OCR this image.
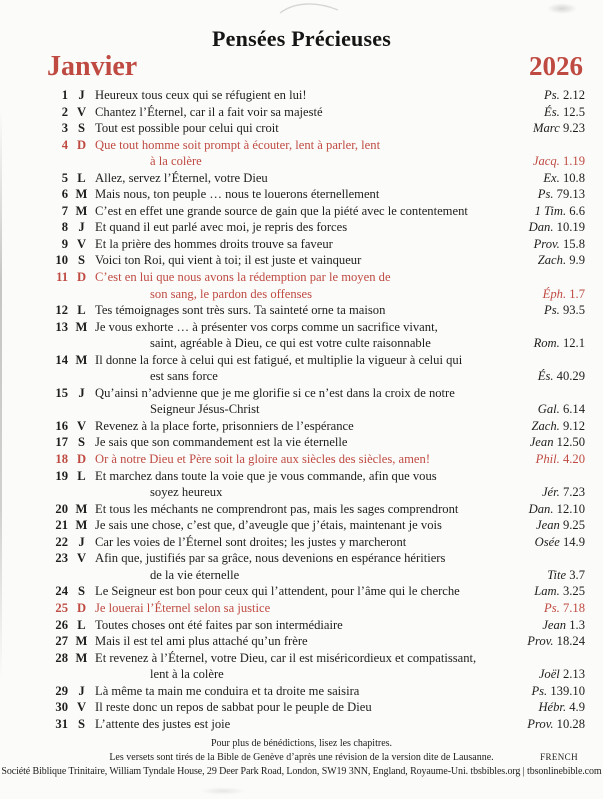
Pensées Précieuses
Janvier	2026
1 J Heureux tous ceux qui se réfugient en lui!	Ps. 2.12
2 V Chantez l’Éternel, car il a fait voir sa majesté	És. 12.5
3 S Tout est possible pour celui qui croit	Marc 9.23
4 D Que tout homme soit prompt à écouter, lent à parler, lent
à la colère	Jacq. 1.19
5 L Allez, servez l’Éternel, votre Dieu	Ex. 10.8
6 M Mais nous, ton peuple … nous te louerons éternellement	Ps. 79.13
7 M C’est en effet une grande source de gain que la piété avec le contentement	1 Tim. 6.6
8 J Et quand il eut parlé avec moi, je repris des forces	Dan. 10.19
9 V Et la prière des hommes droits trouve sa faveur	Prov. 15.8
10 S Voici ton Roi, qui vient à toi; il est juste et vainqueur	Zach. 9.9
11 D C’est en lui que nous avons la rédemption par le moyen de
son sang, le pardon des offenses	Éph. 1.7
12 L Tes témoignages sont très surs. Ta sainteté orne ta maison	Ps. 93.5
13 M Je vous exhorte … à présenter vos corps comme un sacrifice vivant,
saint, agréable à Dieu, ce qui est votre culte raisonnable	Rom. 12.1
14 M Il donne la force à celui qui est fatigué, et multiplie la vigueur à celui qui
est sans force	És. 40.29
15 J Qu’ainsi n’advienne que je me glorifie si ce n’est dans la croix de notre
Seigneur Jésus-Christ	Gal. 6.14
16 V Revenez à la place forte, prisonniers de l’espérance	Zach. 9.12
17 S Je sais que son commandement est la vie éternelle	Jean 12.50
18 D Or à notre Dieu et Père soit la gloire aux siècles des siècles, amen!	Phil. 4.20
19 L Et marchez dans toute la voie que je vous commande, afin que vous
soyez heureux	Jér. 7.23
20 M Et tous les méchants ne comprendront pas, mais les sages comprendront	Dan. 12.10
21 M Je sais une chose, c’est que, d’aveugle que j’étais, maintenant je vois	Jean 9.25
22 J Car les voies de l’Éternel sont droites; les justes y marcheront	Osée 14.9
23 V Afin que, justifiés par sa grâce, nous devenions en espérance héritiers
de la vie éternelle	Tite 3.7
24 S Le Seigneur est bon pour ceux qui l’attendent, pour l’âme qui le cherche	Lam. 3.25
25 D Je louerai l’Éternel selon sa justice	Ps. 7.18
26 L Toutes choses ont été faites par son intermédiaire	Jean 1.3
27 M Mais il est tel ami plus attaché qu’un frère	Prov. 18.24
28 M Et revenez à l’Éternel, votre Dieu, car il est miséricordieux et compatissant,
lent à la colère	Joël 2.13
29 J Là même ta main me conduira et ta droite me saisira	Ps. 139.10
30 V Il reste donc un repos de sabbat pour le peuple de Dieu	Hébr. 4.9
31 S L’attente des justes est joie	Prov. 10.28
Pour plus de bénédictions, lisez les chapitres.
Les versets sont tirés de la Bible de Genève d’après une révision de la version dite de Lausanne.	FRENCH
Société Biblique Trinitaire, William Tyndale House, 29 Deer Park Road, London, SW19 3NN, England, Royaume-Uni. tbsbibles.org | tbsonlinebible.com
